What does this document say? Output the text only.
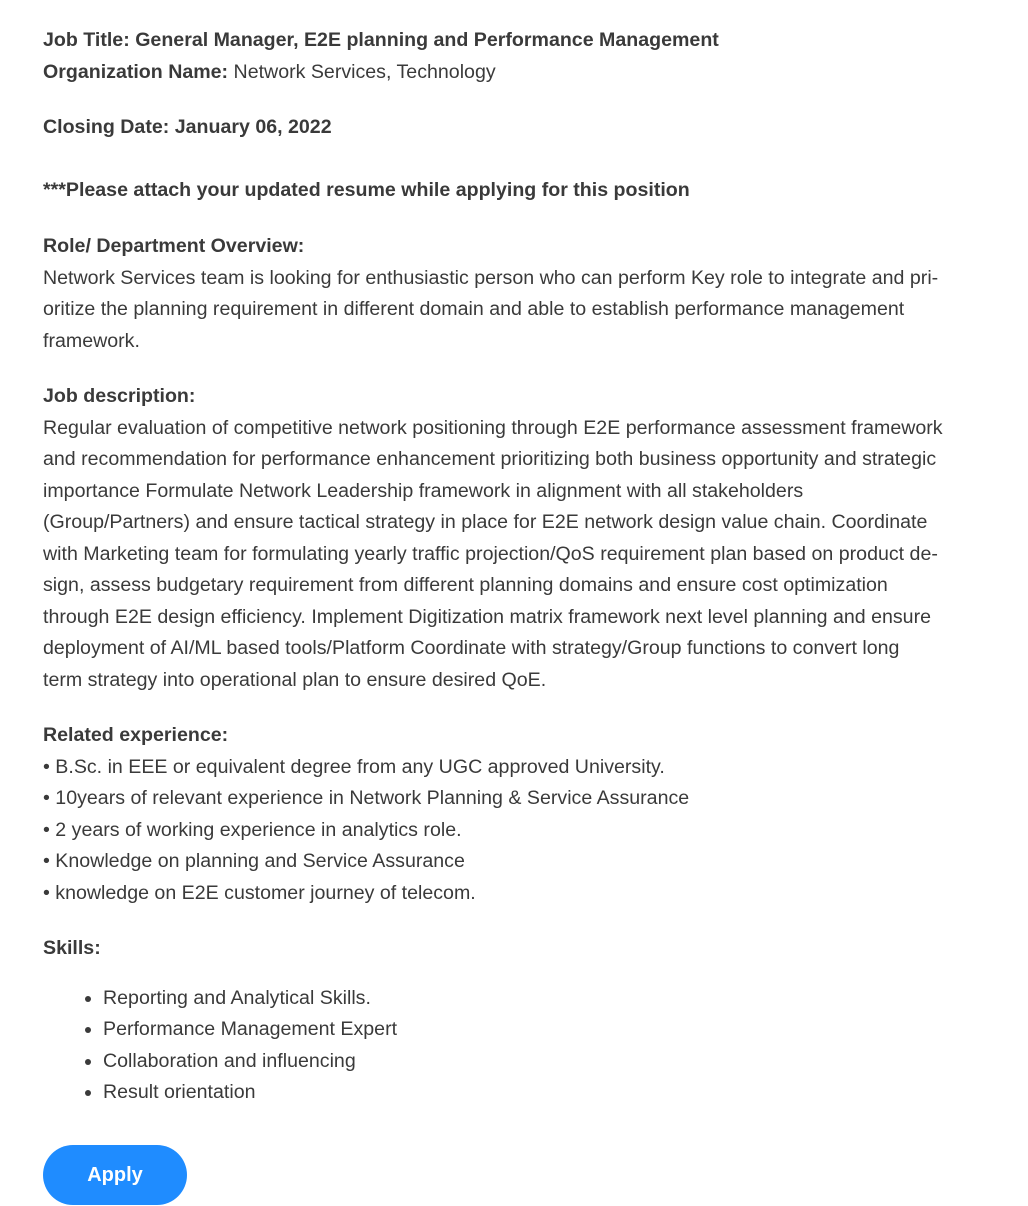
Job Title: General Manager, E2E planning and Performance Management
Organization Name: Network Services, Technology
Closing Date: January 06, 2022
***Please attach your updated resume while applying for this position
Role/ Department Overview:
Network Services team is looking for enthusiastic person who can perform Key role to integrate and pri-
oritize the planning requirement in different domain and able to establish performance management
framework.
Job description:
Regular evaluation of competitive network positioning through E2E performance assessment framework
and recommendation for performance enhancement prioritizing both business opportunity and strategic
importance Formulate Network Leadership framework in alignment with all stakeholders
(Group/Partners) and ensure tactical strategy in place for E2E network design value chain. Coordinate
with Marketing team for formulating yearly traffic projection/QoS requirement plan based on product de-
sign, assess budgetary requirement from different planning domains and ensure cost optimization
through E2E design efficiency. Implement Digitization matrix framework next level planning and ensure
deployment of AI/ML based tools/Platform Coordinate with strategy/Group functions to convert long
term strategy into operational plan to ensure desired QoE.
Related experience:
• B.Sc. in EEE or equivalent degree from any UGC approved University.
• 10years of relevant experience in Network Planning & Service Assurance
• 2 years of working experience in analytics role.
• Knowledge on planning and Service Assurance
• knowledge on E2E customer journey of telecom.
Skills:
• Reporting and Analytical Skills.
• Performance Management Expert
• Collaboration and influencing
• Result orientation
Apply
